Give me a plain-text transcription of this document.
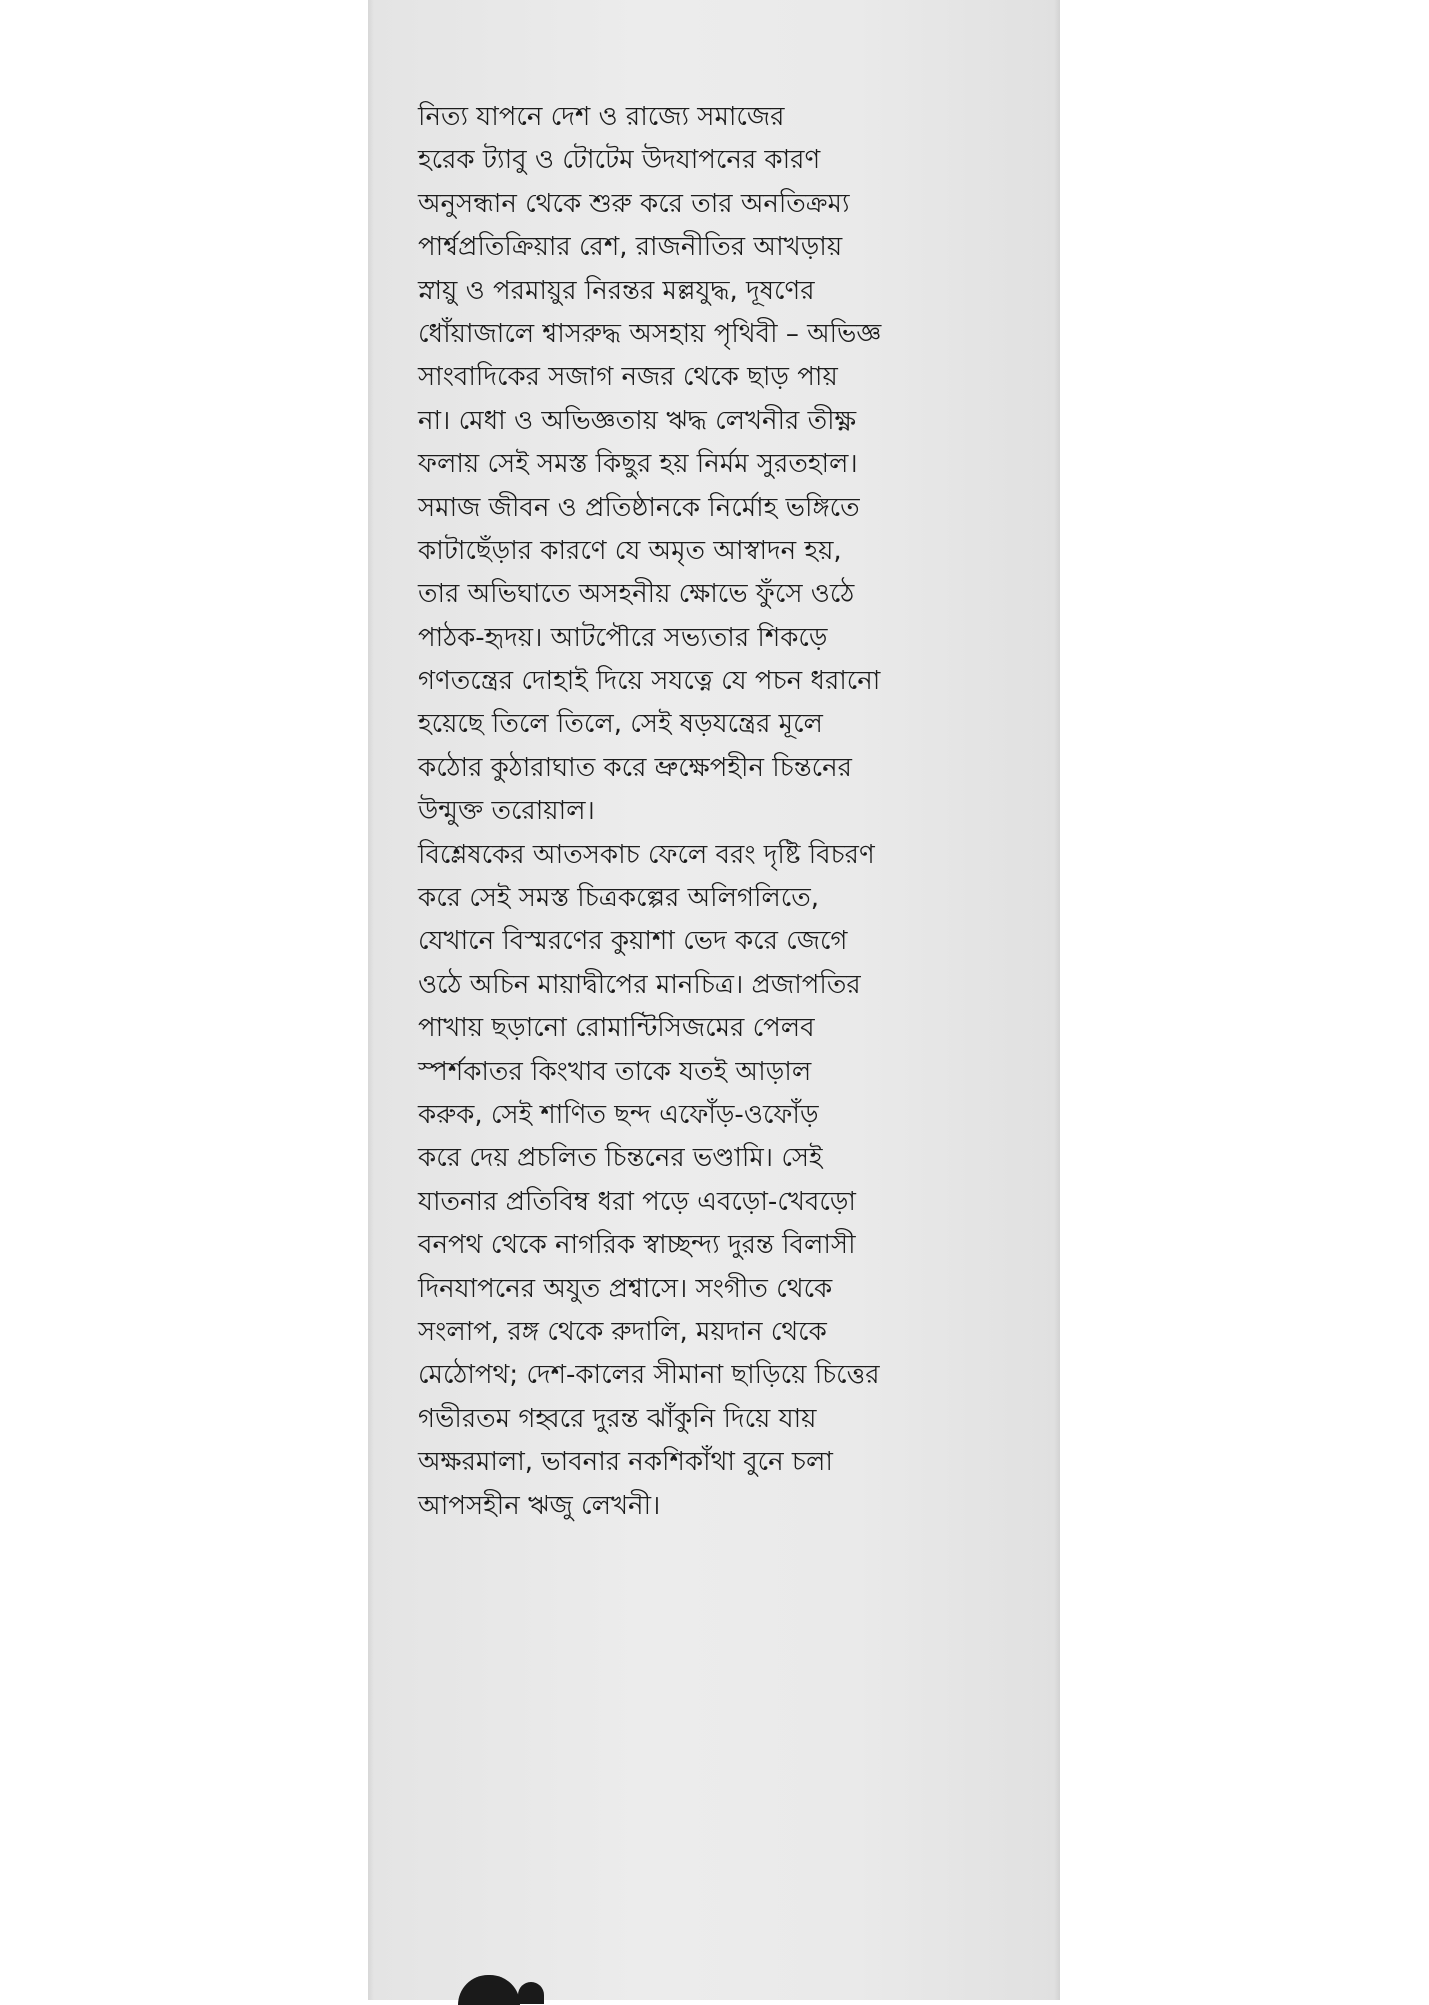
নিত্য যাপনে দেশ ও রাজ্যে সমাজের
হরেক ট্যাবু ও টোটেম উদযাপনের কারণ
অনুসন্ধান থেকে শুরু করে তার অনতিক্রম্য
পার্শ্বপ্রতিক্রিয়ার রেশ, রাজনীতির আখড়ায়
স্নায়ু ও পরমায়ুর নিরন্তর মল্লযুদ্ধ, দূষণের
ধোঁয়াজালে শ্বাসরুদ্ধ অসহায় পৃথিবী – অভিজ্ঞ
সাংবাদিকের সজাগ নজর থেকে ছাড় পায়
না। মেধা ও অভিজ্ঞতায় ঋদ্ধ লেখনীর তীক্ষ্ণ
ফলায় সেই সমস্ত কিছুর হয় নির্মম সুরতহাল।
সমাজ জীবন ও প্রতিষ্ঠানকে নির্মোহ ভঙ্গিতে
কাটাছেঁড়ার কারণে যে অমৃত আস্বাদন হয়,
তার অভিঘাতে অসহনীয় ক্ষোভে ফুঁসে ওঠে
পাঠক-হৃদয়। আটপৌরে সভ্যতার শিকড়ে
গণতন্ত্রের দোহাই দিয়ে সযত্নে যে পচন ধরানো
হয়েছে তিলে তিলে, সেই ষড়যন্ত্রের মূলে
কঠোর কুঠারাঘাত করে ভ্রুক্ষেপহীন চিন্তনের
উন্মুক্ত তরোয়াল।
বিশ্লেষকের আতসকাচ ফেলে বরং দৃষ্টি বিচরণ
করে সেই সমস্ত চিত্রকল্পের অলিগলিতে,
যেখানে বিস্মরণের কুয়াশা ভেদ করে জেগে
ওঠে অচিন মায়াদ্বীপের মানচিত্র। প্রজাপতির
পাখায় ছড়ানো রোমান্টিসিজমের পেলব
স্পর্শকাতর কিংখাব তাকে যতই আড়াল
করুক, সেই শাণিত ছন্দ এফোঁড়-ওফোঁড়
করে দেয় প্রচলিত চিন্তনের ভণ্ডামি। সেই
যাতনার প্রতিবিম্ব ধরা পড়ে এবড়ো-খেবড়ো
বনপথ থেকে নাগরিক স্বাচ্ছন্দ্য দুরন্ত বিলাসী
দিনযাপনের অযুত প্রশ্বাসে। সংগীত থেকে
সংলাপ, রঙ্গ থেকে রুদালি, ময়দান থেকে
মেঠোপথ; দেশ-কালের সীমানা ছাড়িয়ে চিত্তের
গভীরতম গহ্বরে দুরন্ত ঝাঁকুনি দিয়ে যায়
অক্ষরমালা, ভাবনার নকশিকাঁথা বুনে চলা
আপসহীন ঋজু লেখনী।
